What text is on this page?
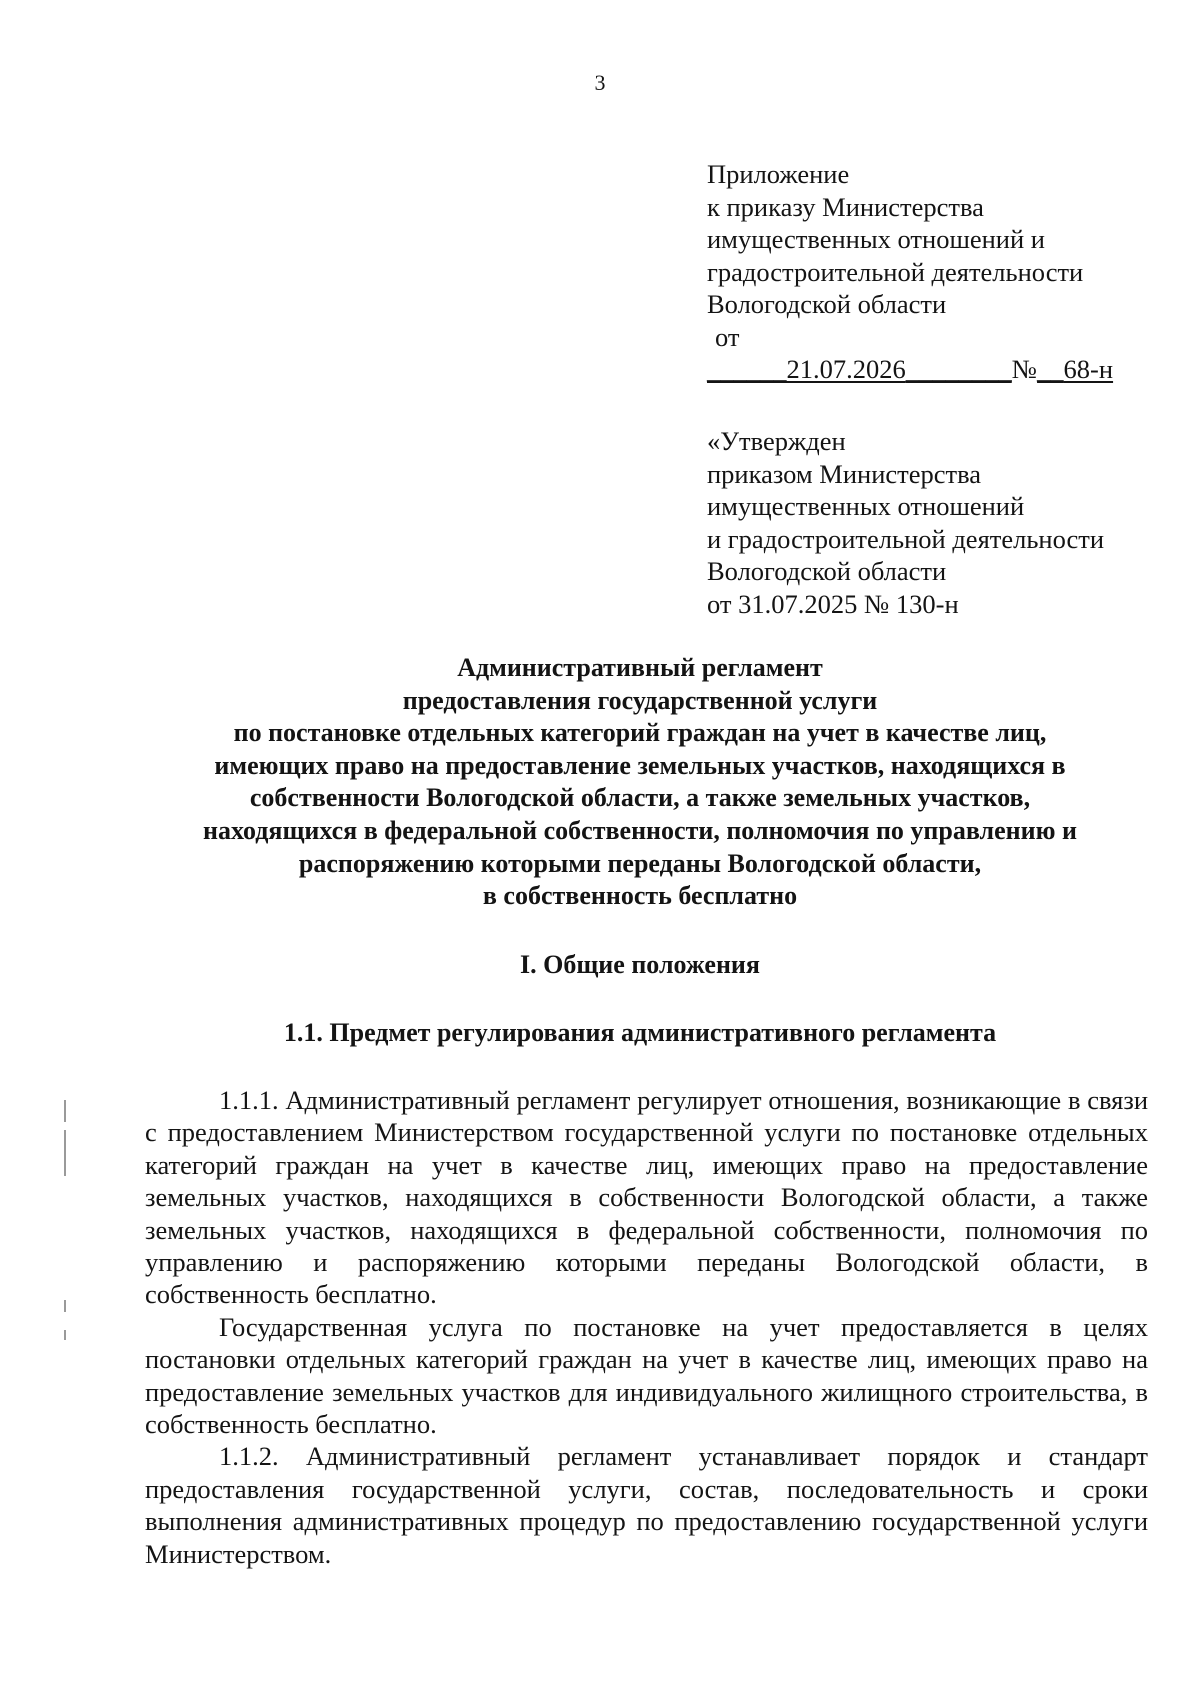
3
Приложение
к приказу Министерства
имущественных отношений и
градостроительной деятельности
Вологодской области
от
______21.07.2026________№__68-н
«Утвержден
приказом Министерства
имущественных отношений
и градостроительной деятельности
Вологодской области
от 31.07.2025 № 130-н
Административный регламент
предоставления государственной услуги
по постановке отдельных категорий граждан на учет в качестве лиц,
имеющих право на предоставление земельных участков, находящихся в
собственности Вологодской области, а также земельных участков,
находящихся в федеральной собственности, полномочия по управлению и
распоряжению которыми переданы Вологодской области,
в собственность бесплатно
I. Общие положения
1.1. Предмет регулирования административного регламента

1.1.1. Административный регламент регулирует отношения, возникающие в связи с предоставлением Министерством государственной услуги по постановке отдельных категорий граждан на учет в качестве лиц, имеющих право на предоставление земельных участков, находящихся в собственности Вологодской области, а также земельных участков, находящихся в федеральной собственности, полномочия по управлению и распоряжению которыми переданы Вологодской области, в собственность бесплатно.

Государственная услуга по постановке на учет предоставляется в целях постановки отдельных категорий граждан на учет в качестве лиц, имеющих право на предоставление земельных участков для индивидуального жилищного строительства, в собственность бесплатно.

1.1.2. Административный регламент устанавливает порядок и стандарт предоставления государственной услуги, состав, последовательность и сроки выполнения административных процедур по предоставлению государственной услуги Министерством.
